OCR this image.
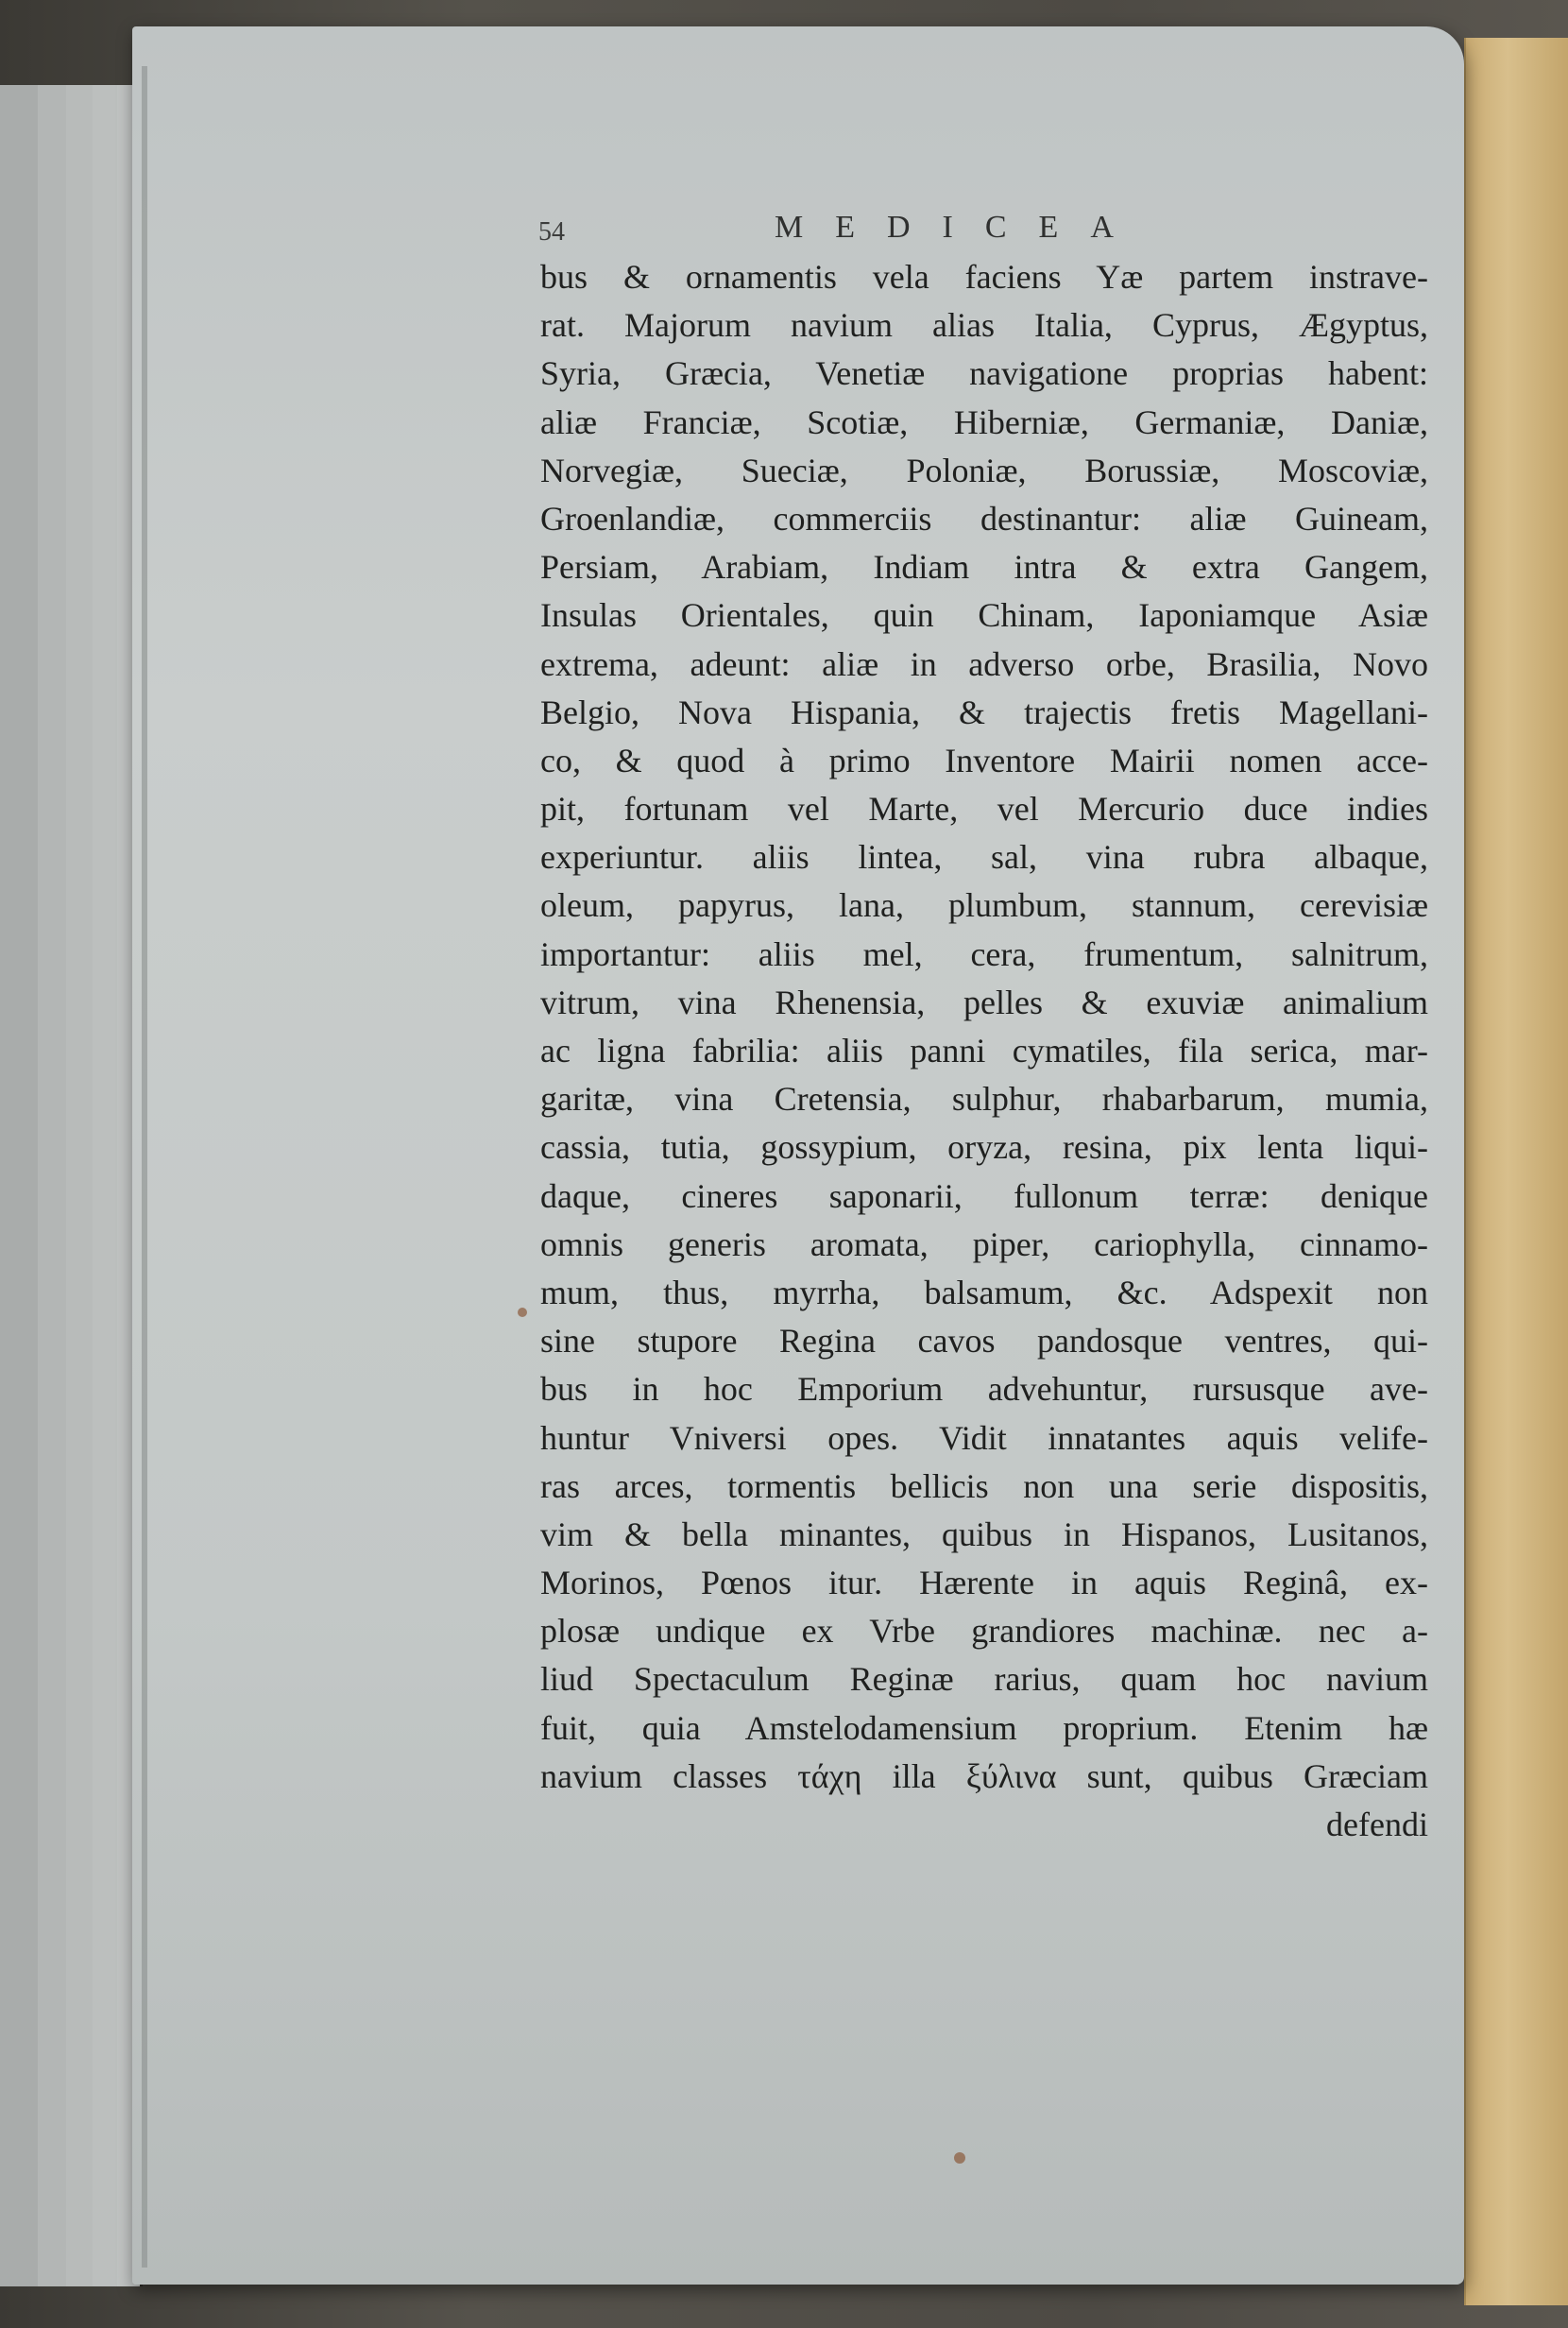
54	MEDICEA
bus & ornamentis vela faciens Yæ partem instrave-
rat. Majorum navium alias Italia, Cyprus, Ægyptus,
Syria, Græcia, Venetiæ navigatione proprias habent:
aliæ Franciæ, Scotiæ, Hiberniæ, Germaniæ, Daniæ,
Norvegiæ, Sueciæ, Poloniæ, Borussiæ, Moscoviæ,
Groenlandiæ, commerciis destinantur: aliæ Guineam,
Persiam, Arabiam, Indiam intra & extra Gangem,
Insulas Orientales, quin Chinam, Iaponiamque Asiæ
extrema, adeunt: aliæ in adverso orbe, Brasilia, Novo
Belgio, Nova Hispania, & trajectis fretis Magellani-
co, & quod à primo Inventore Mairii nomen acce-
pit, fortunam vel Marte, vel Mercurio duce indies
experiuntur. aliis lintea, sal, vina rubra albaque,
oleum, papyrus, lana, plumbum, stannum, cerevisiæ
importantur: aliis mel, cera, frumentum, salnitrum,
vitrum, vina Rhenensia, pelles & exuviæ animalium
ac ligna fabrilia: aliis panni cymatiles, fila serica, mar-
garitæ, vina Cretensia, sulphur, rhabarbarum, mumia,
cassia, tutia, gossypium, oryza, resina, pix lenta liqui-
daque, cineres saponarii, fullonum terræ: denique
omnis generis aromata, piper, cariophylla, cinnamo-
mum, thus, myrrha, balsamum, &c. Adspexit non
sine stupore Regina cavos pandosque ventres, qui-
bus in hoc Emporium advehuntur, rursusque ave-
huntur Vniversi opes. Vidit innatantes aquis velife-
ras arces, tormentis bellicis non una serie dispositis,
vim & bella minantes, quibus in Hispanos, Lusitanos,
Morinos, Pœnos itur. Hærente in aquis Reginâ, ex-
plosæ undique ex Vrbe grandiores machinæ. nec a-
liud Spectaculum Reginæ rarius, quam hoc navium
fuit, quia Amstelodamensium proprium. Etenim hæ
navium classes τάχη illa ξύλινα sunt, quibus Græciam
defendi
